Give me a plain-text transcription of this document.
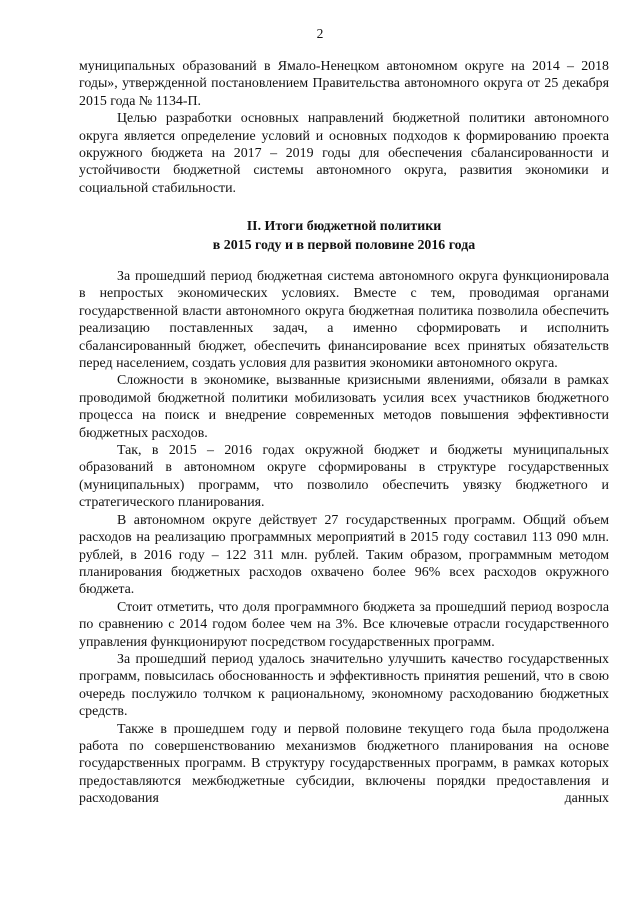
2

муниципальных образований в Ямало-Ненецком автономном округе на 2014 – 2018 годы», утвержденной постановлением Правительства автономного округа от 25 декабря 2015 года № 1134-П.

Целью разработки основных направлений бюджетной политики автономного округа является определение условий и основных подходов к формированию проекта окружного бюджета на 2017 – 2019 годы для обеспечения сбалансированности и устойчивости бюджетной системы автономного округа, развития экономики и социальной стабильности.

II. Итоги бюджетной политики
в 2015 году и в первой половине 2016 года

За прошедший период бюджетная система автономного округа функционировала в непростых экономических условиях. Вместе с тем, проводимая органами государственной власти автономного округа бюджетная политика позволила обеспечить реализацию поставленных задач, а именно сформировать и исполнить сбалансированный бюджет, обеспечить финансирование всех принятых обязательств перед населением, создать условия для развития экономики автономного округа.

Сложности в экономике, вызванные кризисными явлениями, обязали в рамках проводимой бюджетной политики мобилизовать усилия всех участников бюджетного процесса на поиск и внедрение современных методов повышения эффективности бюджетных расходов.

Так, в 2015 – 2016 годах окружной бюджет и бюджеты муниципальных образований в автономном округе сформированы в структуре государственных (муниципальных) программ, что позволило обеспечить увязку бюджетного и стратегического планирования.

В автономном округе действует 27 государственных программ. Общий объем расходов на реализацию программных мероприятий в 2015 году составил 113 090 млн. рублей, в 2016 году – 122 311 млн. рублей. Таким образом, программным методом планирования бюджетных расходов охвачено более 96% всех расходов окружного бюджета.

Стоит отметить, что доля программного бюджета за прошедший период возросла по сравнению с 2014 годом более чем на 3%. Все ключевые отрасли государственного управления функционируют посредством государственных программ.

За прошедший период удалось значительно улучшить качество государственных программ, повысилась обоснованность и эффективность принятия решений, что в свою очередь послужило толчком к рациональному, экономному расходованию бюджетных средств.

Также в прошедшем году и первой половине текущего года была продолжена работа по совершенствованию механизмов бюджетного планирования на основе государственных программ. В структуру государственных программ, в рамках которых предоставляются межбюджетные субсидии, включены порядки предоставления и расходования данных
